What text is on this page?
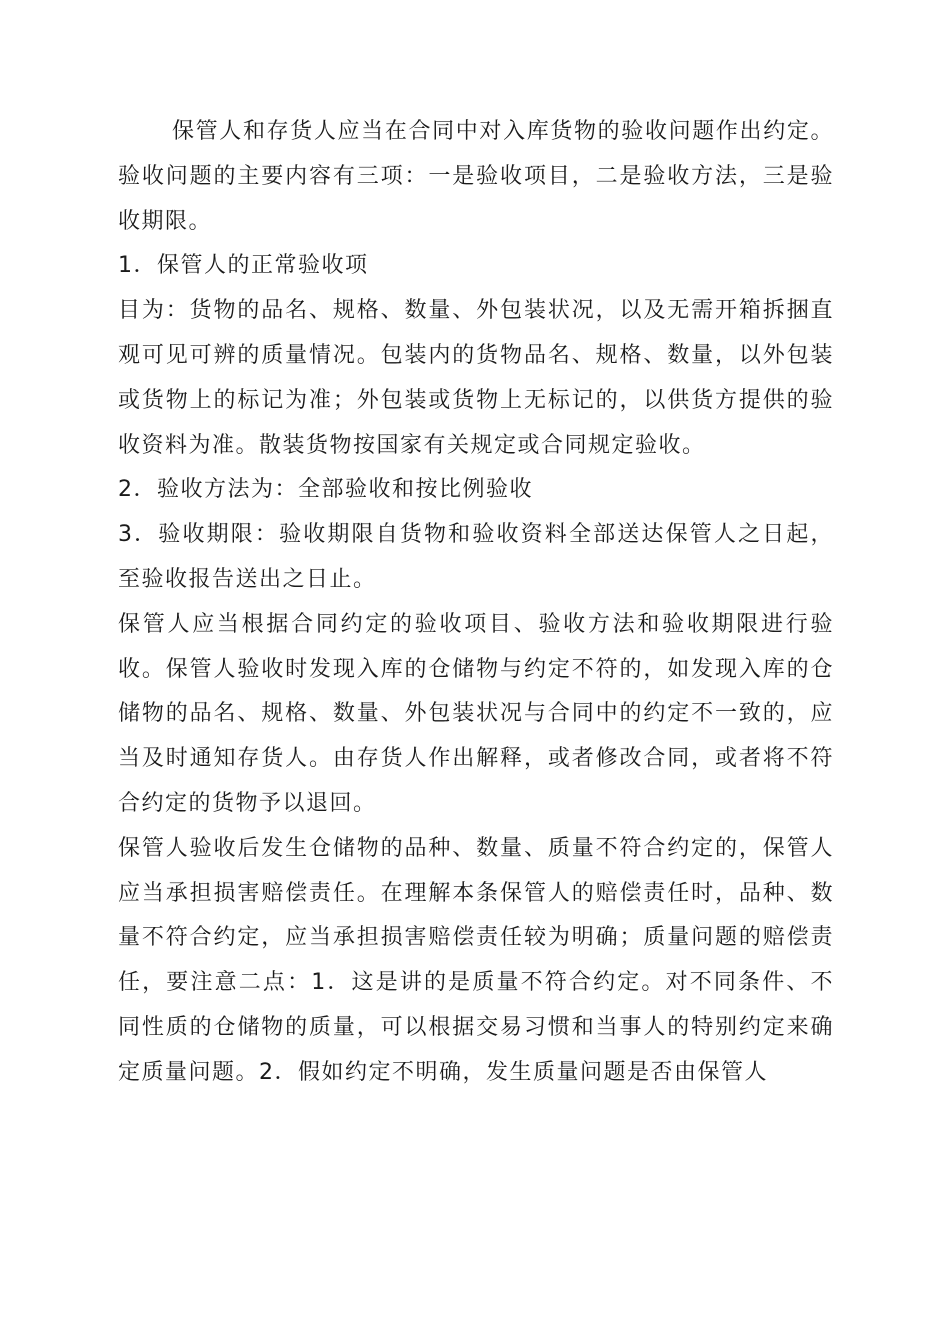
保管人和存货人应当在合同中对入库货物的验收问题作出约定。验收问题的主要内容有三项：一是验收项目，二是验收方法，三是验收期限。

1．保管人的正常验收项

目为：货物的品名、规格、数量、外包装状况，以及无需开箱拆捆直观可见可辨的质量情况。包装内的货物品名、规格、数量，以外包装或货物上的标记为准；外包装或货物上无标记的，以供货方提供的验收资料为准。散装货物按国家有关规定或合同规定验收。

2．验收方法为：全部验收和按比例验收

3．验收期限：验收期限自货物和验收资料全部送达保管人之日起，至验收报告送出之日止。

保管人应当根据合同约定的验收项目、验收方法和验收期限进行验收。保管人验收时发现入库的仓储物与约定不符的，如发现入库的仓储物的品名、规格、数量、外包装状况与合同中的约定不一致的，应当及时通知存货人。由存货人作出解释，或者修改合同，或者将不符合约定的货物予以退回。

保管人验收后发生仓储物的品种、数量、质量不符合约定的，保管人应当承担损害赔偿责任。在理解本条保管人的赔偿责任时，品种、数量不符合约定，应当承担损害赔偿责任较为明确；质量问题的赔偿责任，要注意二点：1．这是讲的是质量不符合约定。对不同条件、不同性质的仓储物的质量，可以根据交易习惯和当事人的特别约定来确定质量问题。2．假如约定不明确，发生质量问题是否由保管人
